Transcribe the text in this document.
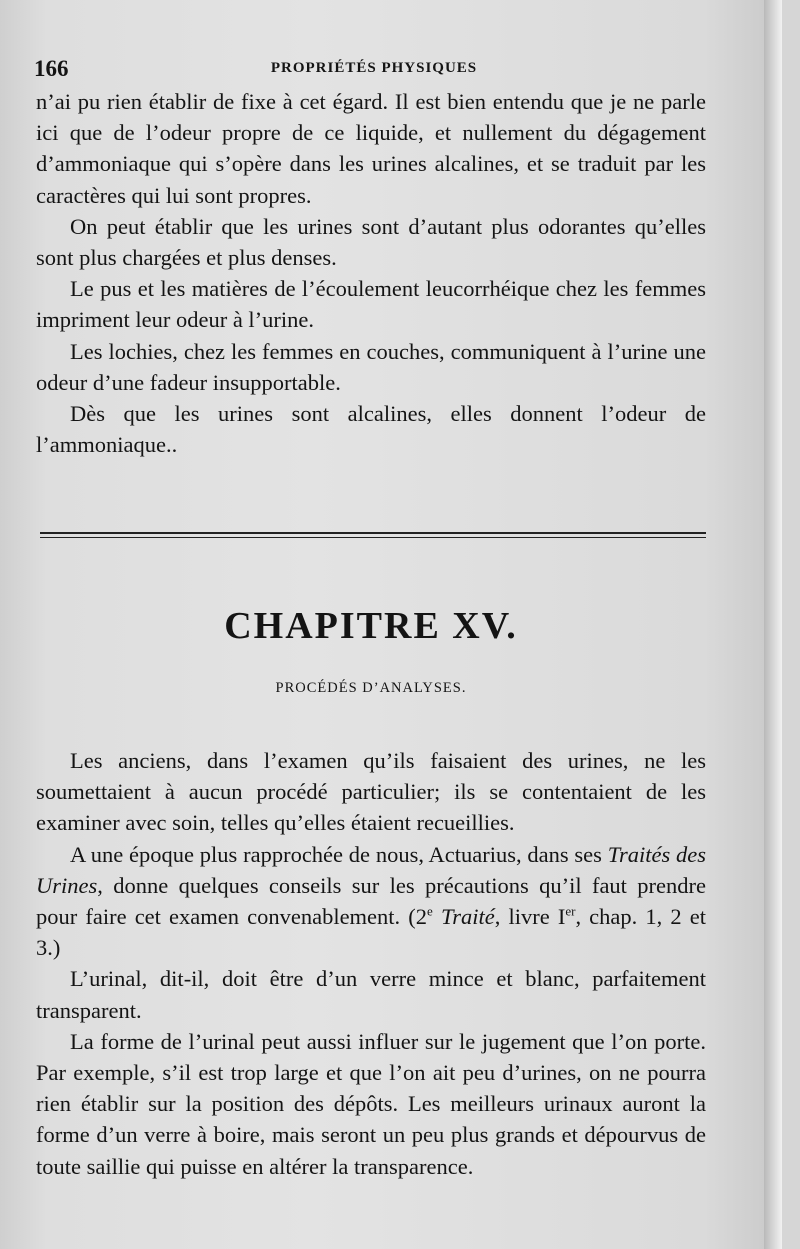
166	PROPRIÉTÉS PHYSIQUES

n’ai pu rien établir de fixe à cet égard. Il est bien entendu que je ne parle ici que de l’odeur propre de ce liquide, et nullement du dégagement d’ammoniaque qui s’opère dans les urines alcalines, et se traduit par les caractères qui lui sont propres.

On peut établir que les urines sont d’autant plus odorantes qu’elles sont plus chargées et plus denses.

Le pus et les matières de l’écoulement leucorrhéique chez les femmes impriment leur odeur à l’urine.

Les lochies, chez les femmes en couches, communiquent à l’urine une odeur d’une fadeur insupportable.

Dès que les urines sont alcalines, elles donnent l’odeur de l’ammoniaque..

CHAPITRE XV.
PROCÉDÉS D’ANALYSES.

Les anciens, dans l’examen qu’ils faisaient des urines, ne les soumettaient à aucun procédé particulier; ils se contentaient de les examiner avec soin, telles qu’elles étaient recueillies.

A une époque plus rapprochée de nous, Actuarius, dans ses Traités des Urines, donne quelques conseils sur les précautions qu’il faut prendre pour faire cet examen convenablement. (2e Traité, livre Ier, chap. 1, 2 et 3.)

L’urinal, dit-il, doit être d’un verre mince et blanc, parfaitement transparent.

La forme de l’urinal peut aussi influer sur le jugement que l’on porte. Par exemple, s’il est trop large et que l’on ait peu d’urines, on ne pourra rien établir sur la position des dépôts. Les meilleurs urinaux auront la forme d’un verre à boire, mais seront un peu plus grands et dépourvus de toute saillie qui puisse en altérer la transparence.
